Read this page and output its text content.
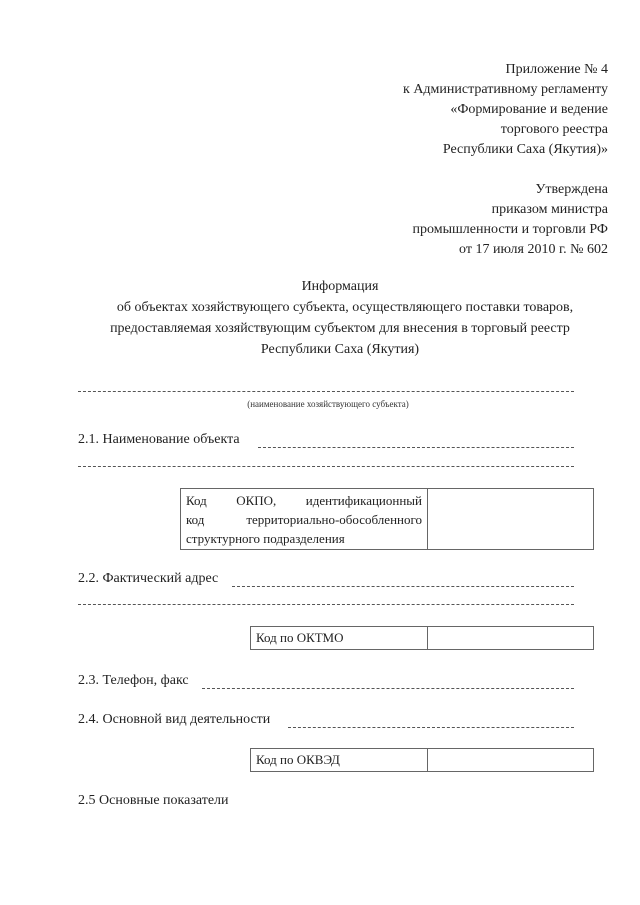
Приложение № 4
к Административному регламенту
«Формирование и ведение
торгового реестра
Республики Саха (Якутия)»
Утверждена
приказом министра
промышленности и торговли РФ
от 17 июля 2010 г. № 602
Информация
об объектах хозяйствующего субъекта, осуществляющего поставки товаров,
предоставляемая хозяйствующим субъектом для внесения в торговый реестр
Республики Саха (Якутия)
(наименование хозяйствующего субъекта)
2.1. Наименование объекта
Код ОКПО, идентификационный
код территориально-обособленного
структурного подразделения
2.2. Фактический адрес
Код по ОКТМО
2.3. Телефон, факс
2.4. Основной вид деятельности
Код по ОКВЭД
2.5 Основные показатели
